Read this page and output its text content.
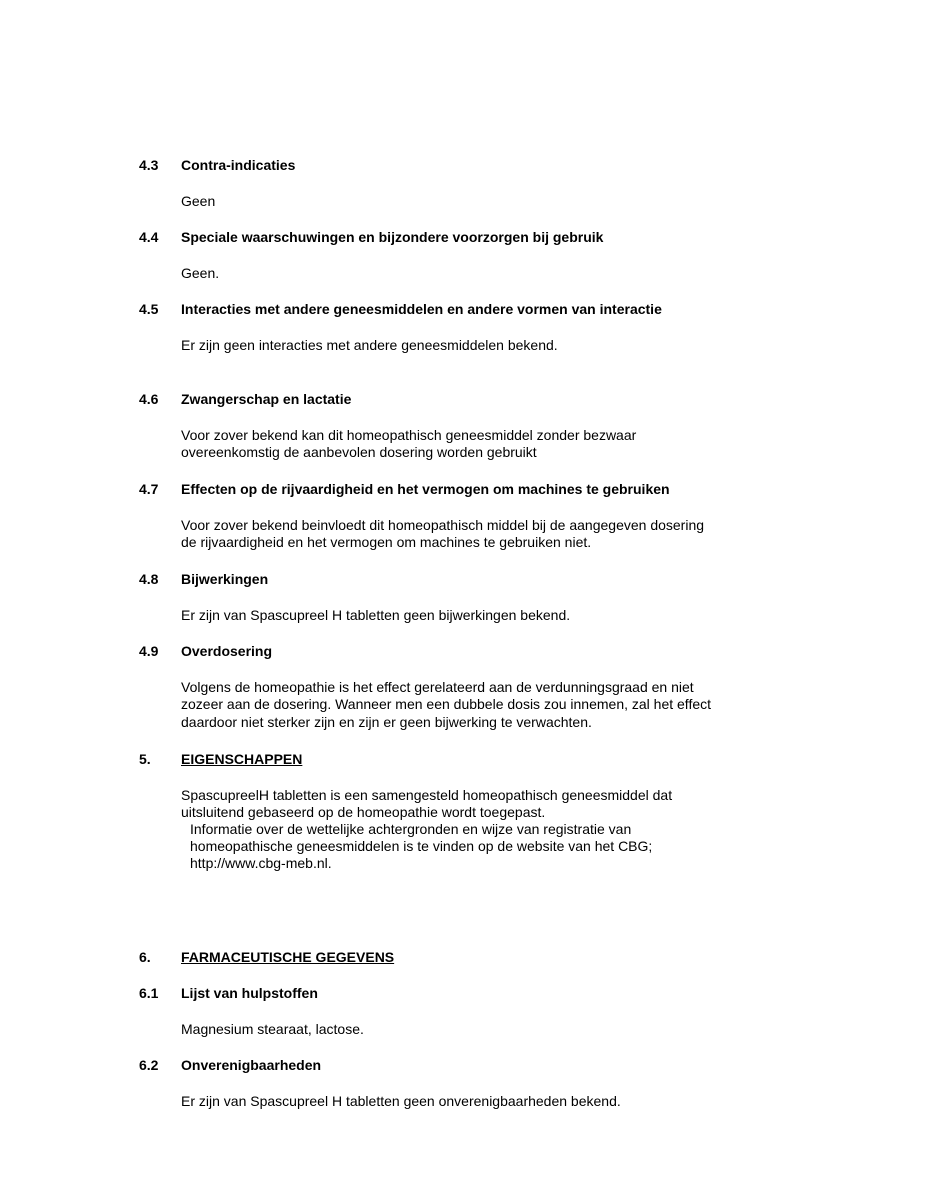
4.3 Contra-indicaties
Geen
4.4 Speciale waarschuwingen en bijzondere voorzorgen bij gebruik
Geen.
4.5 Interacties met andere geneesmiddelen en andere vormen van interactie
Er zijn geen interacties met andere geneesmiddelen bekend.
4.6 Zwangerschap en lactatie
Voor zover bekend kan dit homeopathisch geneesmiddel zonder bezwaar
overeenkomstig de aanbevolen dosering worden gebruikt
4.7 Effecten op de rijvaardigheid en het vermogen om machines te gebruiken
Voor zover bekend beinvloedt dit homeopathisch middel bij de aangegeven dosering
de rijvaardigheid en het vermogen om machines te gebruiken niet.
4.8 Bijwerkingen
Er zijn van Spascupreel H tabletten geen bijwerkingen bekend.
4.9 Overdosering
Volgens de homeopathie is het effect gerelateerd aan de verdunningsgraad en niet
zozeer aan de dosering. Wanneer men een dubbele dosis zou innemen, zal het effect
daardoor niet sterker zijn en zijn er geen bijwerking te verwachten.
5. EIGENSCHAPPEN
SpascupreelH tabletten is een samengesteld homeopathisch geneesmiddel dat
uitsluitend gebaseerd op de homeopathie wordt toegepast.
Informatie over de wettelijke achtergronden en wijze van registratie van
homeopathische geneesmiddelen is te vinden op de website van het CBG;
http://www.cbg-meb.nl.
6. FARMACEUTISCHE GEGEVENS
6.1 Lijst van hulpstoffen
Magnesium stearaat, lactose.
6.2 Onverenigbaarheden
Er zijn van Spascupreel H tabletten geen onverenigbaarheden bekend.
